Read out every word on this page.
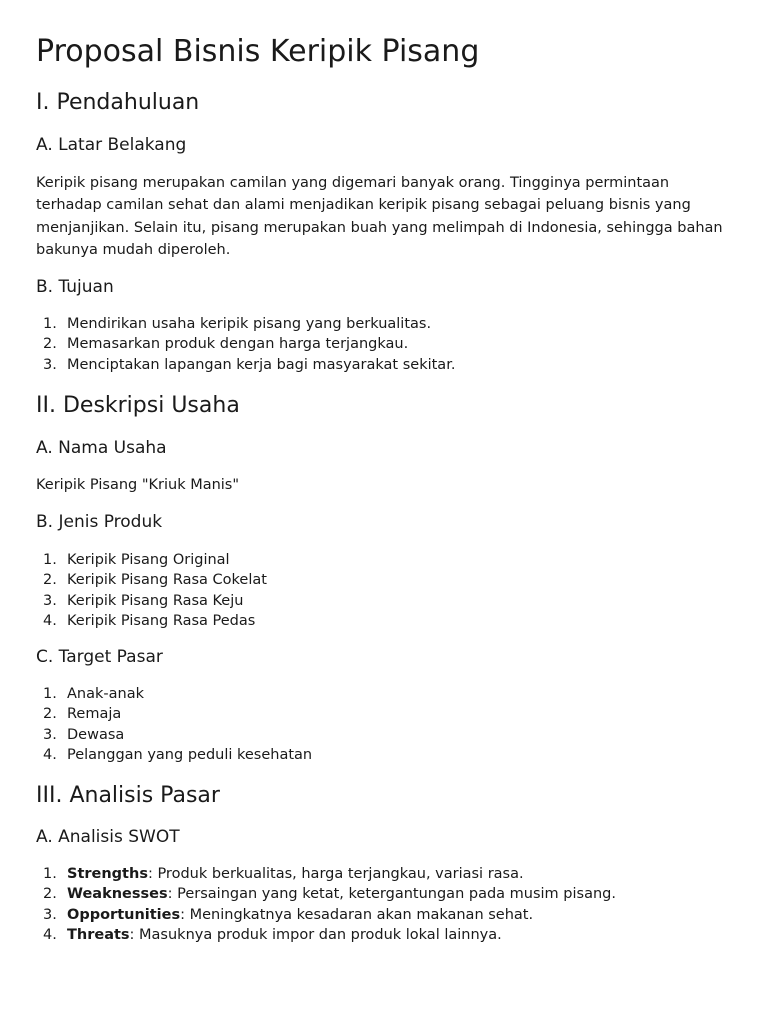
Proposal Bisnis Keripik Pisang
I. Pendahuluan
A. Latar Belakang

Keripik pisang merupakan camilan yang digemari banyak orang. Tingginya permintaan terhadap camilan sehat dan alami menjadikan keripik pisang sebagai peluang bisnis yang menjanjikan. Selain itu, pisang merupakan buah yang melimpah di Indonesia, sehingga bahan bakunya mudah diperoleh.

B. Tujuan
1. Mendirikan usaha keripik pisang yang berkualitas.
2. Memasarkan produk dengan harga terjangkau.
3. Menciptakan lapangan kerja bagi masyarakat sekitar.
II. Deskripsi Usaha
A. Nama Usaha

Keripik Pisang "Kriuk Manis"

B. Jenis Produk
1. Keripik Pisang Original
2. Keripik Pisang Rasa Cokelat
3. Keripik Pisang Rasa Keju
4. Keripik Pisang Rasa Pedas
C. Target Pasar
1. Anak-anak
2. Remaja
3. Dewasa
4. Pelanggan yang peduli kesehatan
III. Analisis Pasar
A. Analisis SWOT
1. Strengths: Produk berkualitas, harga terjangkau, variasi rasa.
2. Weaknesses: Persaingan yang ketat, ketergantungan pada musim pisang.
3. Opportunities: Meningkatnya kesadaran akan makanan sehat.
4. Threats: Masuknya produk impor dan produk lokal lainnya.
